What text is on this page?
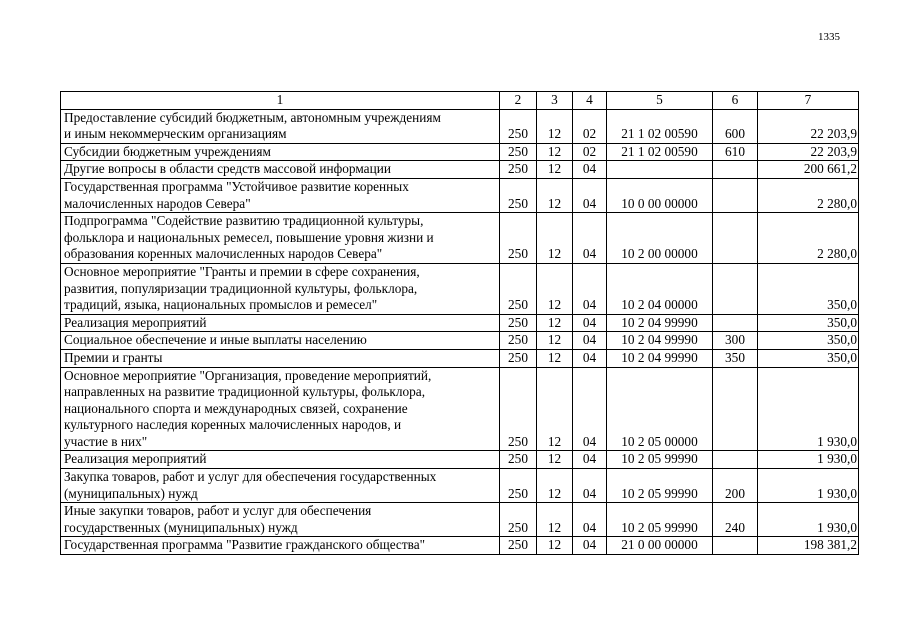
1335
1	2	3	4	5	6	7
Предоставление субсидий бюджетным, автономным учреждениям
и иным некоммерческим организациям	250	12	02	21 1 02 00590	600	22 203,9
Субсидии бюджетным учреждениям	250	12	02	21 1 02 00590	610	22 203,9
Другие вопросы в области средств массовой информации	250	12	04			200 661,2
Государственная программа "Устойчивое развитие коренных
малочисленных народов Севера"	250	12	04	10 0 00 00000		2 280,0
Подпрограмма "Содействие развитию традиционной культуры,
фольклора и национальных ремесел, повышение уровня жизни и
образования коренных малочисленных народов Севера"	250	12	04	10 2 00 00000		2 280,0
Основное мероприятие "Гранты и премии в сфере сохранения,
развития, популяризации традиционной культуры, фольклора,
традиций, языка, национальных промыслов и ремесел"	250	12	04	10 2 04 00000		350,0
Реализация мероприятий	250	12	04	10 2 04 99990		350,0
Социальное обеспечение и иные выплаты населению	250	12	04	10 2 04 99990	300	350,0
Премии и гранты	250	12	04	10 2 04 99990	350	350,0
Основное мероприятие "Организация, проведение мероприятий,
направленных на развитие традиционной культуры, фольклора,
национального спорта и международных связей, сохранение
культурного наследия коренных малочисленных народов, и
участие в них"	250	12	04	10 2 05 00000		1 930,0
Реализация мероприятий	250	12	04	10 2 05 99990		1 930,0
Закупка товаров, работ и услуг для обеспечения государственных
(муниципальных) нужд	250	12	04	10 2 05 99990	200	1 930,0
Иные закупки товаров, работ и услуг для обеспечения
государственных (муниципальных) нужд	250	12	04	10 2 05 99990	240	1 930,0
Государственная программа "Развитие гражданского общества"	250	12	04	21 0 00 00000		198 381,2
